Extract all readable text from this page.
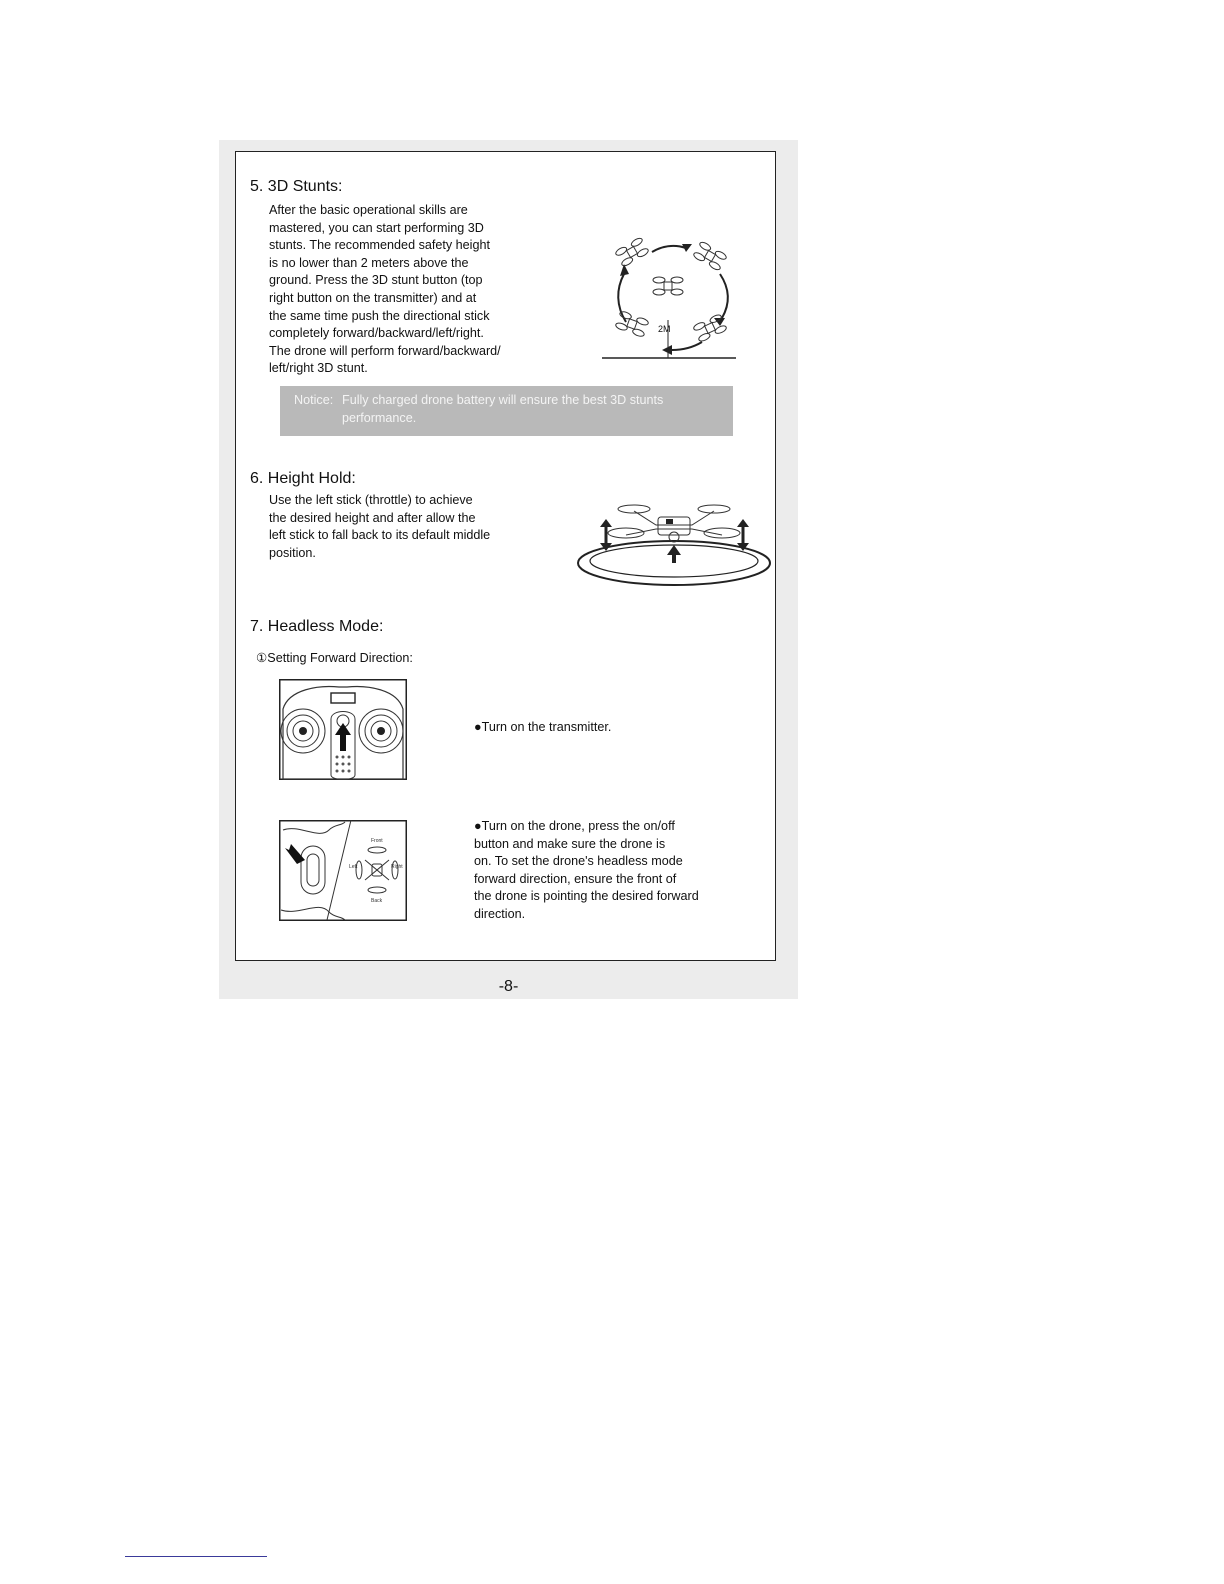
5. 3D Stunts:

After the basic operational skills are
mastered, you can start performing 3D
stunts. The recommended safety height
is no lower than 2 meters above the
ground. Press the 3D stunt button (top
right button on the transmitter) and at
the same time push the directional stick
completely forward/backward/left/right.
The drone will perform forward/backward/
left/right 3D stunt.

2M
Notice: Fully charged drone battery will ensure the best 3D stunts performance.
6. Height Hold:

Use the left stick (throttle) to achieve
the desired height and after allow the
left stick to fall back to its default middle
position.

7. Headless Mode:
①Setting Forward Direction:
●Turn on the transmitter.
Front
Left	Right
Back
●Turn on the drone, press the on/off
button and make sure the drone is
on. To set the drone's headless mode
forward direction, ensure the front of
the drone is pointing the desired forward
direction.
-8-
